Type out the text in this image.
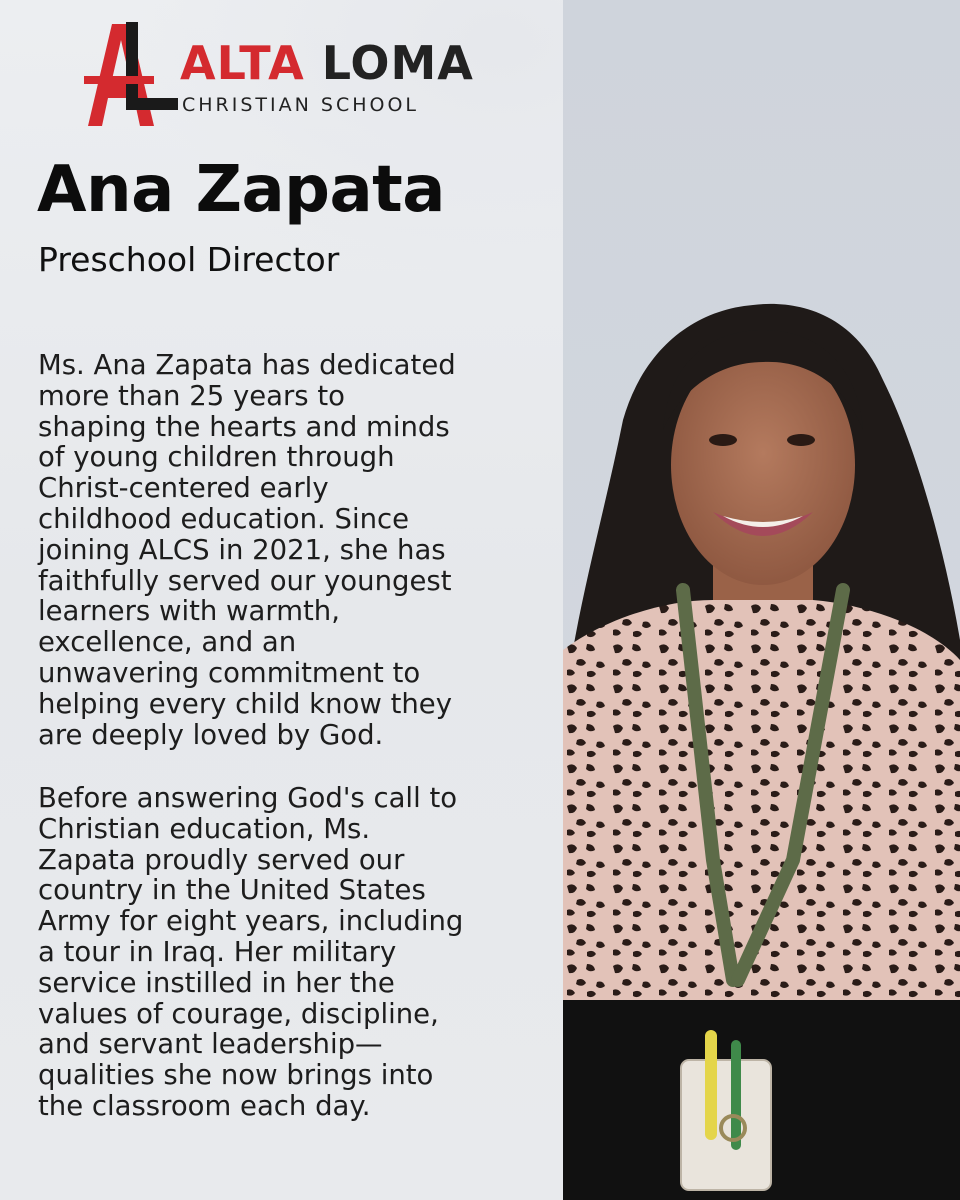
ALTA LOMA
CHRISTIAN SCHOOL
Ana Zapata
Preschool Director

Ms. Ana Zapata has dedicated
more than 25 years to
shaping the hearts and minds
of young children through
Christ-centered early
childhood education. Since
joining ALCS in 2021, she has
faithfully served our youngest
learners with warmth,
excellence, and an
unwavering commitment to
helping every child know they
are deeply loved by God.

Before answering God's call to
Christian education, Ms.
Zapata proudly served our
country in the United States
Army for eight years, including
a tour in Iraq. Her military
service instilled in her the
values of courage, discipline,
and servant leadership—
qualities she now brings into
the classroom each day.
